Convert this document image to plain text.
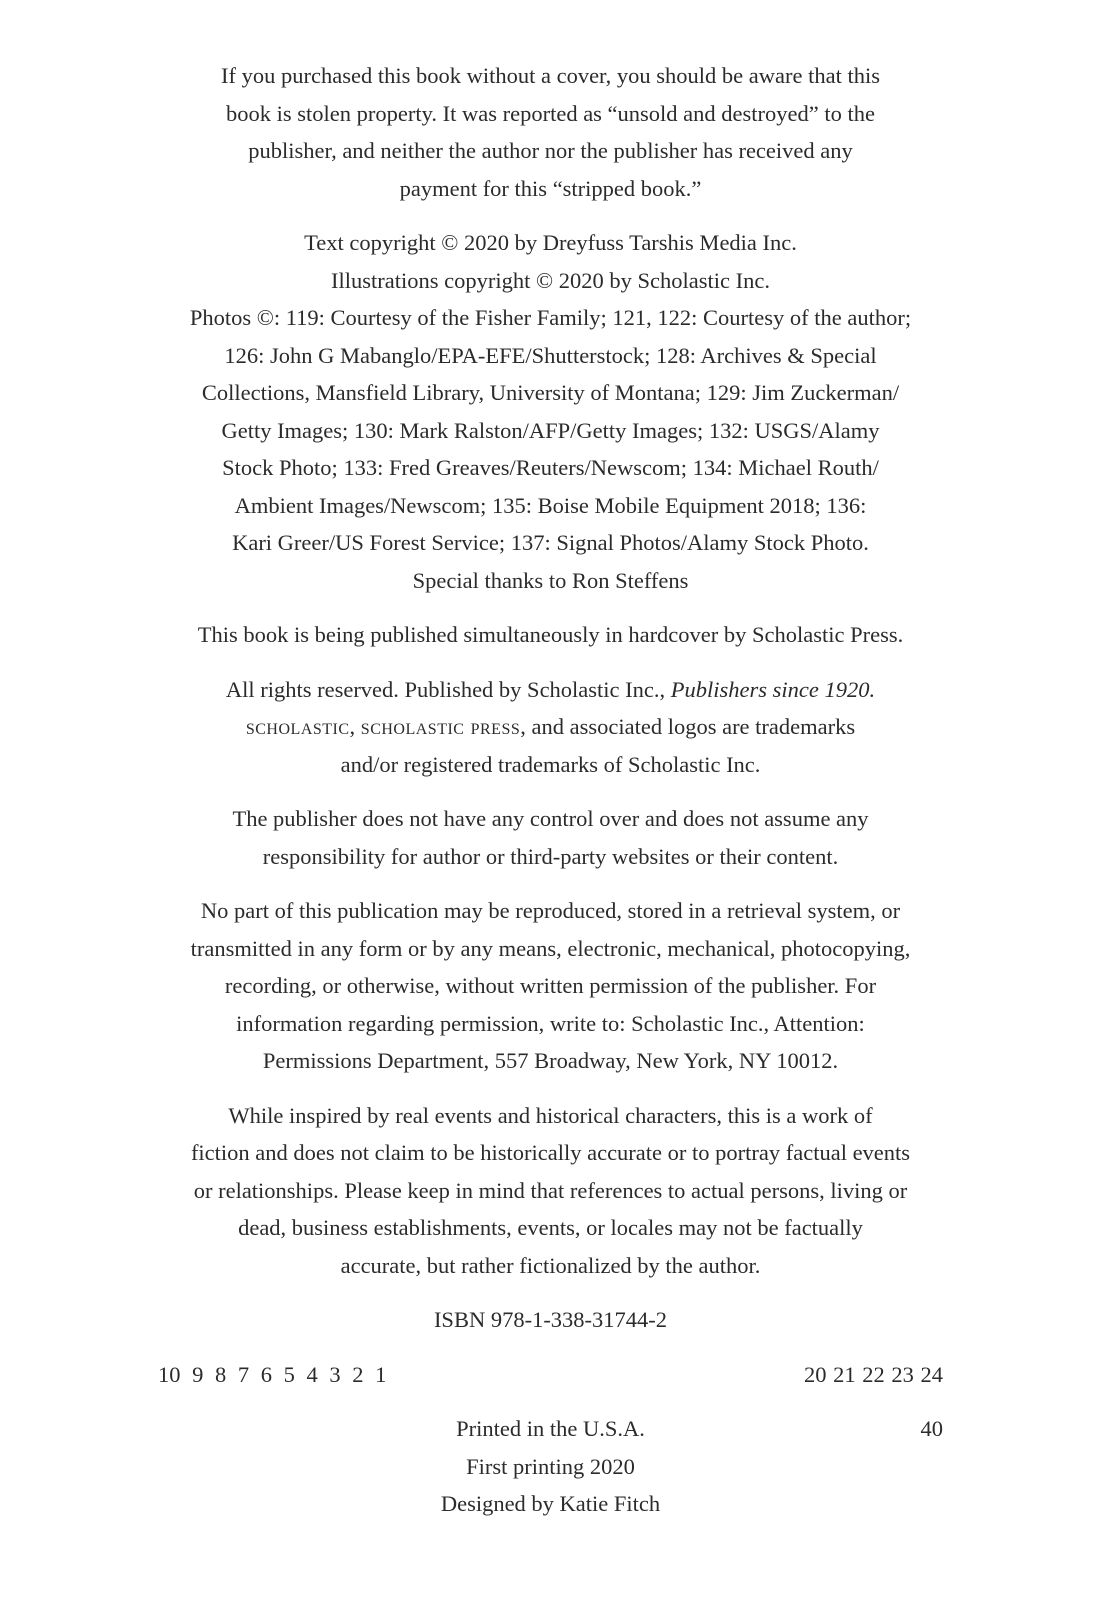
If you purchased this book without a cover, you should be aware that this
book is stolen property. It was reported as “unsold and destroyed” to the
publisher, and neither the author nor the publisher has received any
payment for this “stripped book.”
Text copyright © 2020 by Dreyfuss Tarshis Media Inc.
Illustrations copyright © 2020 by Scholastic Inc.
Photos ©: 119: Courtesy of the Fisher Family; 121, 122: Courtesy of the author;
126: John G Mabanglo/EPA-EFE/Shutterstock; 128: Archives & Special
Collections, Mansfield Library, University of Montana; 129: Jim Zuckerman/
Getty Images; 130: Mark Ralston/AFP/Getty Images; 132: USGS/Alamy
Stock Photo; 133: Fred Greaves/Reuters/Newscom; 134: Michael Routh/
Ambient Images/Newscom; 135: Boise Mobile Equipment 2018; 136:
Kari Greer/US Forest Service; 137: Signal Photos/Alamy Stock Photo.
Special thanks to Ron Steffens
This book is being published simultaneously in hardcover by Scholastic Press.
All rights reserved. Published by Scholastic Inc., Publishers since 1920.
scholastic, scholastic press, and associated logos are trademarks
and/or registered trademarks of Scholastic Inc.
The publisher does not have any control over and does not assume any
responsibility for author or third-party websites or their content.
No part of this publication may be reproduced, stored in a retrieval system, or
transmitted in any form or by any means, electronic, mechanical, photocopying,
recording, or otherwise, without written permission of the publisher. For
information regarding permission, write to: Scholastic Inc., Attention:
Permissions Department, 557 Broadway, New York, NY 10012.
While inspired by real events and historical characters, this is a work of
fiction and does not claim to be historically accurate or to portray factual events
or relationships. Please keep in mind that references to actual persons, living or
dead, business establishments, events, or locales may not be factually
accurate, but rather fictionalized by the author.
ISBN 978-1-338-31744-2
10 9 8 7 6 5 4 3 2 1	20 21 22 23 24
Printed in the U.S.A.	40
First printing 2020
Designed by Katie Fitch
